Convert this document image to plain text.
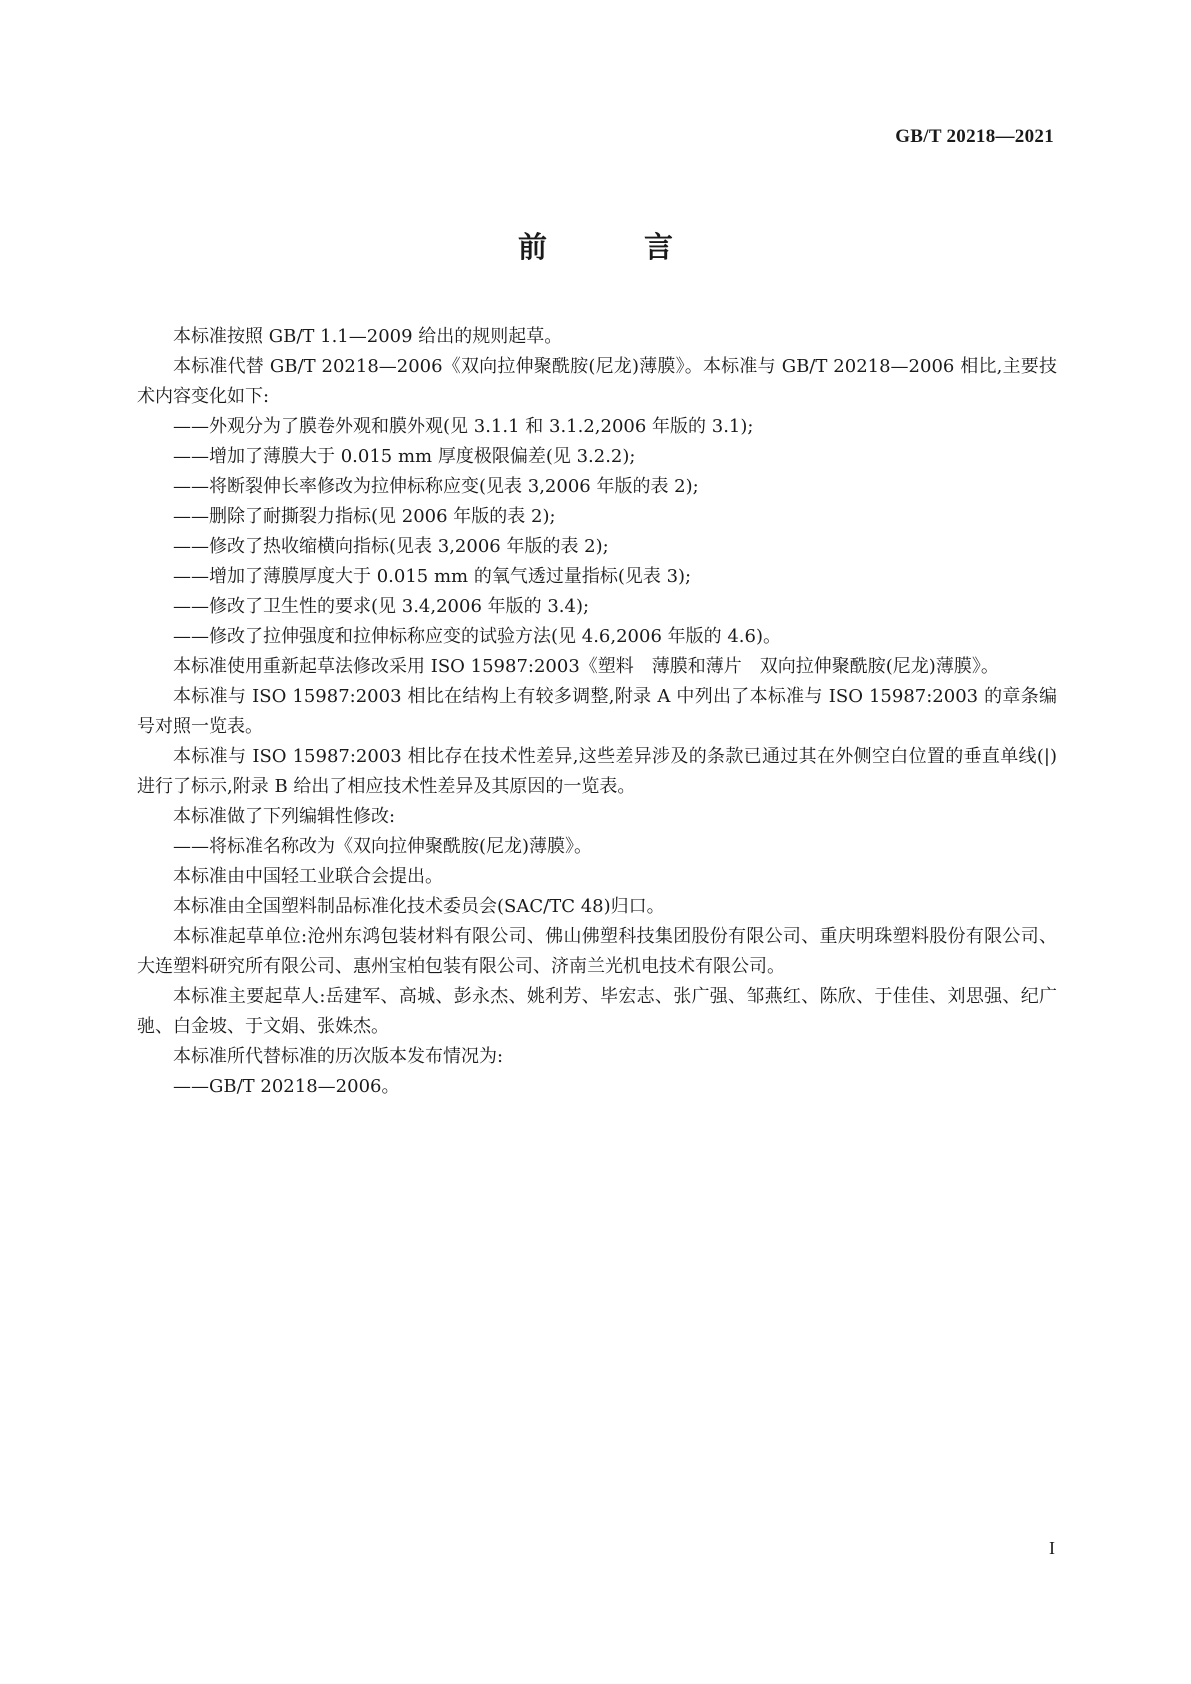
GB/T 20218—2021
前　言

本标准按照 GB/T 1.1—2009 给出的规则起草。

本标准代替 GB/T 20218—2006《双向拉伸聚酰胺(尼龙)薄膜》。本标准与 GB/T 20218—2006 相比,主要技术内容变化如下:

——外观分为了膜卷外观和膜外观(见 3.1.1 和 3.1.2,2006 年版的 3.1);

——增加了薄膜大于 0.015 mm 厚度极限偏差(见 3.2.2);

——将断裂伸长率修改为拉伸标称应变(见表 3,2006 年版的表 2);

——删除了耐撕裂力指标(见 2006 年版的表 2);

——修改了热收缩横向指标(见表 3,2006 年版的表 2);

——增加了薄膜厚度大于 0.015 mm 的氧气透过量指标(见表 3);

——修改了卫生性的要求(见 3.4,2006 年版的 3.4);

——修改了拉伸强度和拉伸标称应变的试验方法(见 4.6,2006 年版的 4.6)。

本标准使用重新起草法修改采用 ISO 15987:2003《塑料　薄膜和薄片　双向拉伸聚酰胺(尼龙)薄膜》。

本标准与 ISO 15987:2003 相比在结构上有较多调整,附录 A 中列出了本标准与 ISO 15987:2003 的章条编号对照一览表。

本标准与 ISO 15987:2003 相比存在技术性差异,这些差异涉及的条款已通过其在外侧空白位置的垂直单线(|)进行了标示,附录 B 给出了相应技术性差异及其原因的一览表。

本标准做了下列编辑性修改:

——将标准名称改为《双向拉伸聚酰胺(尼龙)薄膜》。

本标准由中国轻工业联合会提出。

本标准由全国塑料制品标准化技术委员会(SAC/TC 48)归口。

本标准起草单位:沧州东鸿包装材料有限公司、佛山佛塑科技集团股份有限公司、重庆明珠塑料股份有限公司、大连塑料研究所有限公司、惠州宝柏包装有限公司、济南兰光机电技术有限公司。

本标准主要起草人:岳建军、高城、彭永杰、姚利芳、毕宏志、张广强、邹燕红、陈欣、于佳佳、刘思强、纪广驰、白金坡、于文娟、张姝杰。

本标准所代替标准的历次版本发布情况为:

——GB/T 20218—2006。

I
